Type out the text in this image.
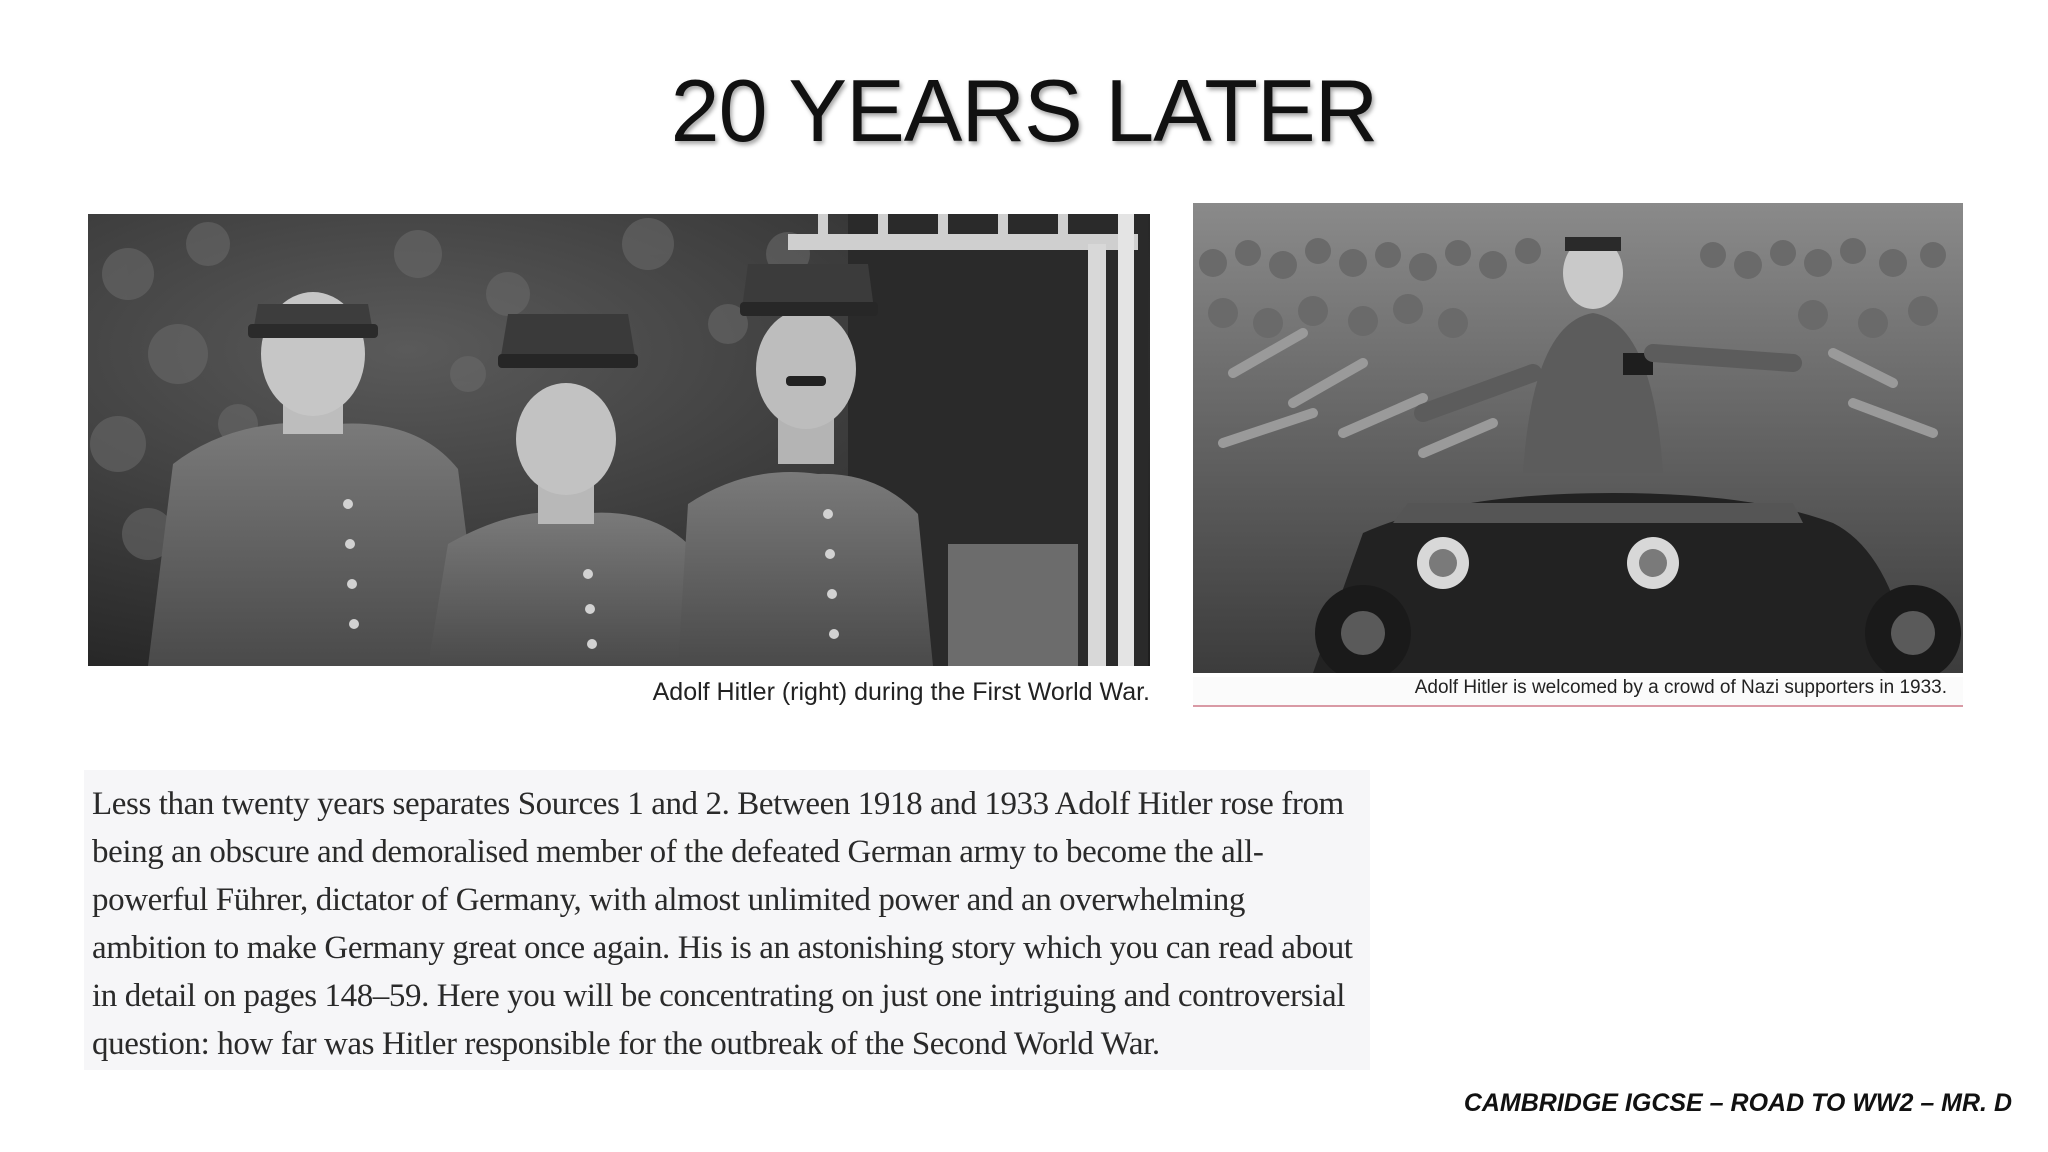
20 YEARS LATER
Adolf Hitler (right) during the First World War.	Adolf Hitler is welcomed by a crowd of Nazi supporters in 1933.

Less than twenty years separates Sources 1 and 2. Between 1918 and 1933 Adolf Hitler rose from being an obscure and demoralised member of the defeated German army to become the all-powerful Führer, dictator of Germany, with almost unlimited power and an overwhelming ambition to make Germany great once again. His is an astonishing story which you can read about in detail on pages 148–59. Here you will be concentrating on just one intriguing and controversial question: how far was Hitler responsible for the outbreak of the Second World War.

CAMBRIDGE IGCSE – ROAD TO WW2 – MR. D
